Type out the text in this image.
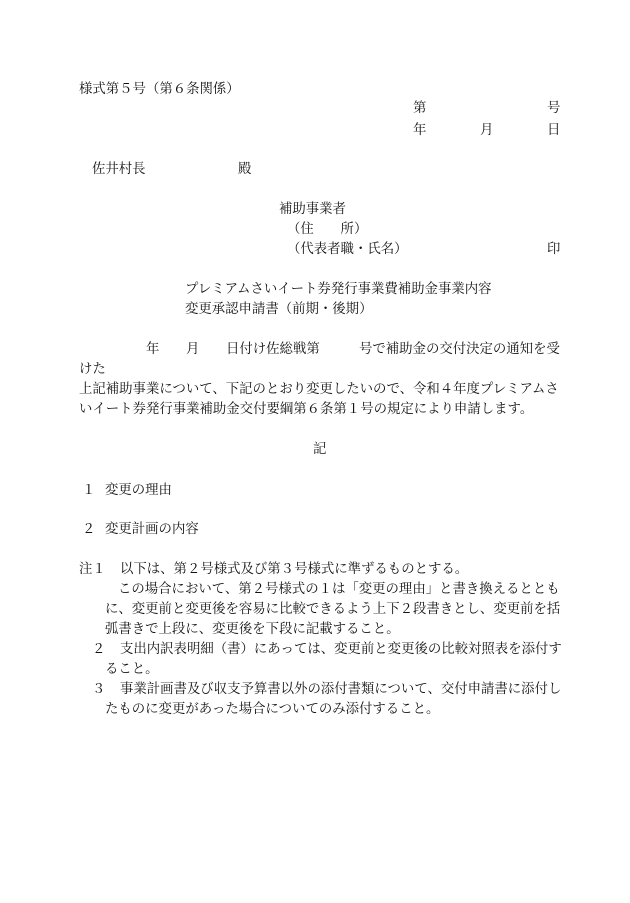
様式第５号（第６条関係）
第	号
年	月	日
佐井村長	殿
補助事業者
（住　　所）
（代表者職・氏名）	印
プレミアムさいイート券発行事業費補助金事業内容
変更承認申請書（前期・後期）
年 月 日付け佐総戦第	号で補助金の交付決定の通知を受
けた
上記補助事業について、下記のとおり変更したいので、令和４年度プレミアムさ
いイート券発行事業補助金交付要綱第６条第１号の規定により申請します。
記
１ 変更の理由
２ 変更計画の内容
注１ 以下は、第２号様式及び第３号様式に準ずるものとする。
この場合において、第２号様式の１は「変更の理由」と書き換えるととも
に、変更前と変更後を容易に比較できるよう上下２段書きとし、変更前を括
弧書きで上段に、変更後を下段に記載すること。
２ 支出内訳表明細（書）にあっては、変更前と変更後の比較対照表を添付す
ること。
３ 事業計画書及び収支予算書以外の添付書類について、交付申請書に添付し
たものに変更があった場合についてのみ添付すること。
